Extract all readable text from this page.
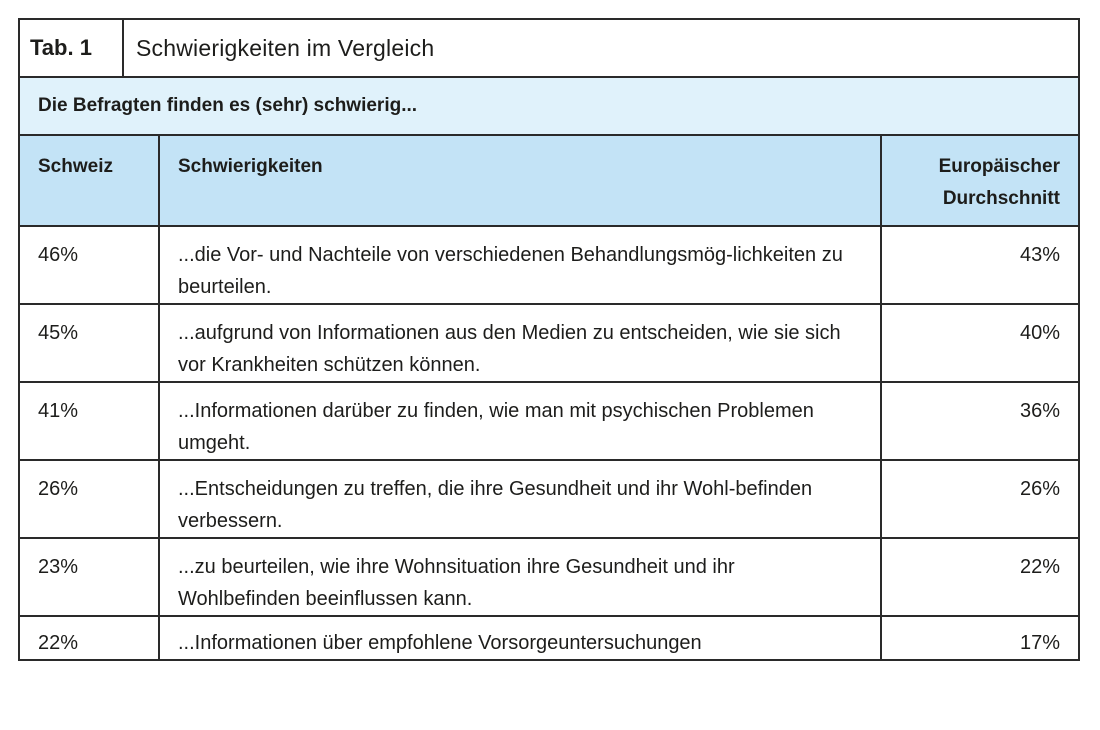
Tab. 1	Schwierigkeiten im Vergleich
Die Befragten finden es (sehr) schwierig...
Schweiz	Schwierigkeiten	Europäischer
Durchschnitt
46%	...die Vor- und Nachteile von verschiedenen Behandlungsmög-lichkeiten zu beurteilen.	43%
45%	...aufgrund von Informationen aus den Medien zu entscheiden, wie sie sich vor Krankheiten schützen können.	40%
41%	...Informationen darüber zu finden, wie man mit psychischen Problemen umgeht.	36%
26%	...Entscheidungen zu treffen, die ihre Gesundheit und ihr Wohl-befinden verbessern.	26%
23%	...zu beurteilen, wie ihre Wohnsituation ihre Gesundheit und ihr Wohlbefinden beeinflussen kann.	22%
22%	...Informationen über empfohlene Vorsorgeuntersuchungen	17%
